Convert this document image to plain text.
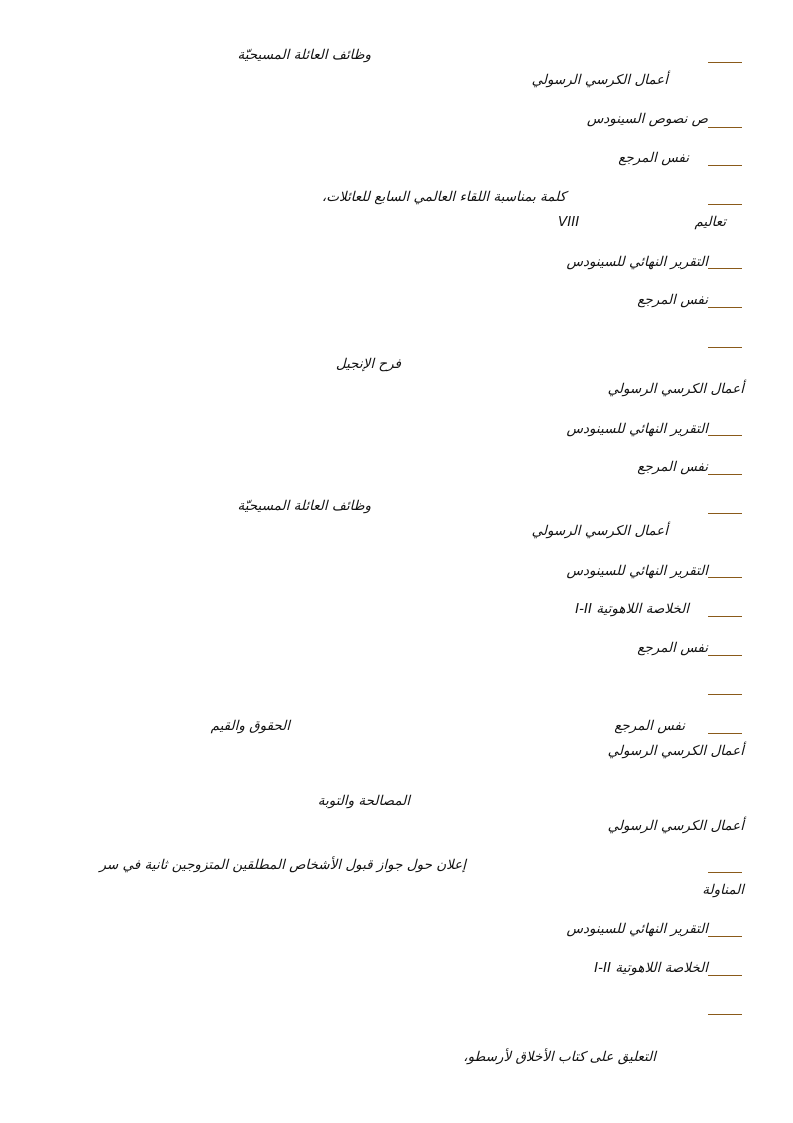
وظائف العائلة المسيحيّة
أعمال الكرسي الرسولي
ص نصوص السينودس
نفس المرجع
كلمة بمناسبة اللقاء العالمي السابع للعائلات،
تعاليم
VIII
التقرير النهائي للسينودس
نفس المرجع
فرح الإنجيل
أعمال الكرسي الرسولي
التقرير النهائي للسينودس
نفس المرجع
وظائف العائلة المسيحيّة
أعمال الكرسي الرسولي
التقرير النهائي للسينودس
الخلاصة اللاهوتية I-II
نفس المرجع
نفس المرجع
الحقوق والقيم
أعمال الكرسي الرسولي
المصالحة والتوبة
أعمال الكرسي الرسولي
إعلان حول جواز قبول الأشخاص المطلقين المتزوجين ثانية في سر
المناولة
التقرير النهائي للسينودس
الخلاصة اللاهوتية I-II
التعليق على كتاب الأخلاق لأرسطو،
